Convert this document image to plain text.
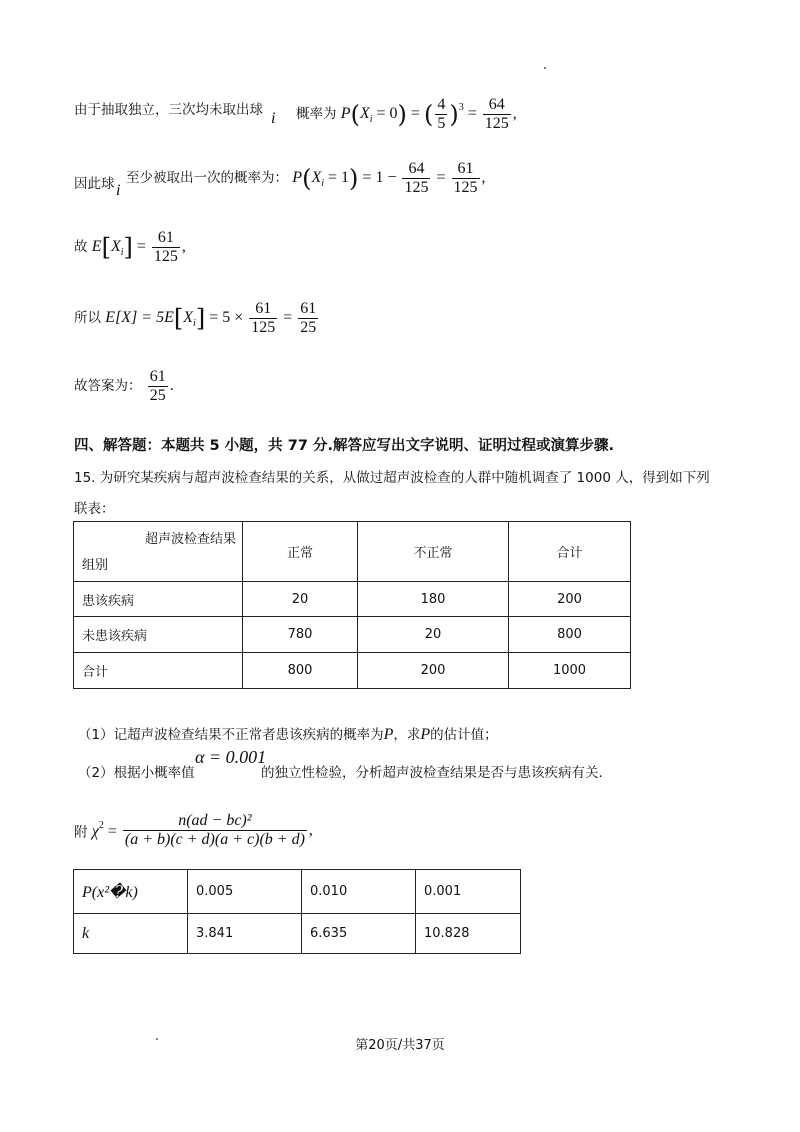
由于抽取独立，三次均未取出球 i 概率为 $P(X_i = 0)$ = ( $\frac{4}{5} )^3 = \frac{64}{125}$ ,
因此球 i
至少被取出一次的概率为： $P(X_i = 1) = 1 - \frac{64}{125} = \frac{61}{125}$ ,
故 $E[X_i] = \frac{61}{125}$ ,
所以 $E[X] = 5E[X_i] = 5 \times \frac{61}{125} = \frac{61}{25}$
故答案为： $\frac{61}{25}$ .
四、解答题：本题共 5 小题，共 77 分.解答应写出文字说明、证明过程或演算步骤.
15. 为研究某疾病与超声波检查结果的关系，从做过超声波检查的人群中随机调查了 1000 人，得到如下列
联表：
超声波检查结果
组别	正常	不正常	合计
患该疾病	20	180	200
未患该疾病	780	20	800
合计	800	200	1000
（1）记超声波检查结果不正常者患该疾病的概率为P，求P的估计值；
（2）根据小概率值
α = 0.001
的独立性检验，分析超声波检查结果是否与患该疾病有关.
附 $\chi^2 = \frac{\text{n(ad − bc)²}}{(a + b)(c + d)(a + c)(b + d)}$ ,
P(x²�k)	0.005	0.010	0.001
k	3.841	6.635	10.828
第20页/共37页
